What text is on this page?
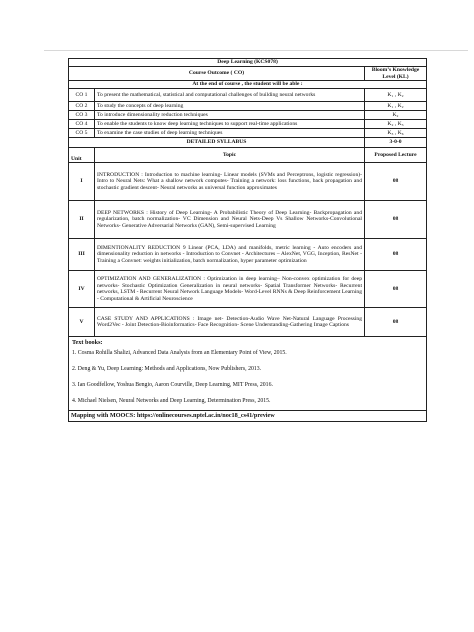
Deep Learning (KCS078)		
Course Outcome ( CO)		Bloom’s Knowledge Level (KL)
At the end of course , the student will be able :		
CO 1	To present the mathematical, statistical and computational challenges of building neural networks	K₁ , K₂
CO 2	To study the concepts of deep learning	K₁ , K₂
CO 3	To introduce dimensionality reduction techniques	K₂
CO 4	To enable the students to know deep learning techniques to support real-time applications	K₂ , K₃
CO 5	To examine the case studies of deep learning techniques	K₃ , K₆
DETAILED SYLLABUS		3-0-0
Unit	Topic	Proposed Lecture
I	INTRODUCTION : Introduction to machine learning- Linear models (SVMs and Perceptrons, logistic regression)- Intro to Neural Nets: What a shallow network computes- Training a network: loss functions, back propagation and stochastic gradient descent- Neural networks as universal function approximates	08
II	DEEP NETWORKS : History of Deep Learning- A Probabilistic Theory of Deep Learning- Backpropagation and regularization, batch normalization- VC Dimension and Neural Nets-Deep Vs Shallow Networks-Convolutional Networks- Generative Adversarial Networks (GAN), Semi-supervised Learning	08
III	DIMENTIONALITY REDUCTION 9 Linear (PCA, LDA) and manifolds, metric learning - Auto encoders and dimensionality reduction in networks - Introduction to Convnet - Architectures – AlexNet, VGG, Inception, ResNet - Training a Convnet: weights initialization, batch normalization, hyper parameter optimization	08
IV	OPTIMIZATION AND GENERALIZATION : Optimization in deep learning– Non-convex optimization for deep networks- Stochastic Optimization Generalization in neural networks- Spatial Transformer Networks- Recurrent networks, LSTM - Recurrent Neural Network Language Models- Word-Level RNNs & Deep Reinforcement Learning - Computational & Artificial Neuroscience	08
V	CASE STUDY AND APPLICATIONS : Image net- Detection-Audio Wave Net-Natural Language Processing Word2Vec - Joint Detection-Bioinformatics- Face Recognition- Scene Understanding-Gathering Image Captions	08

Text books:
1. Cosma Rohilla Shalizi, Advanced Data Analysis from an Elementary Point of View, 2015.
2. Deng & Yu, Deep Learning: Methods and Applications, Now Publishers, 2013.
3. Ian Goodfellow, Yoshua Bengio, Aaron Courville, Deep Learning, MIT Press, 2016.
4. Michael Nielsen, Neural Networks and Deep Learning, Determination Press, 2015.		

Mapping with MOOCS: https://onlinecourses.nptel.ac.in/noc18_cs41/preview		
